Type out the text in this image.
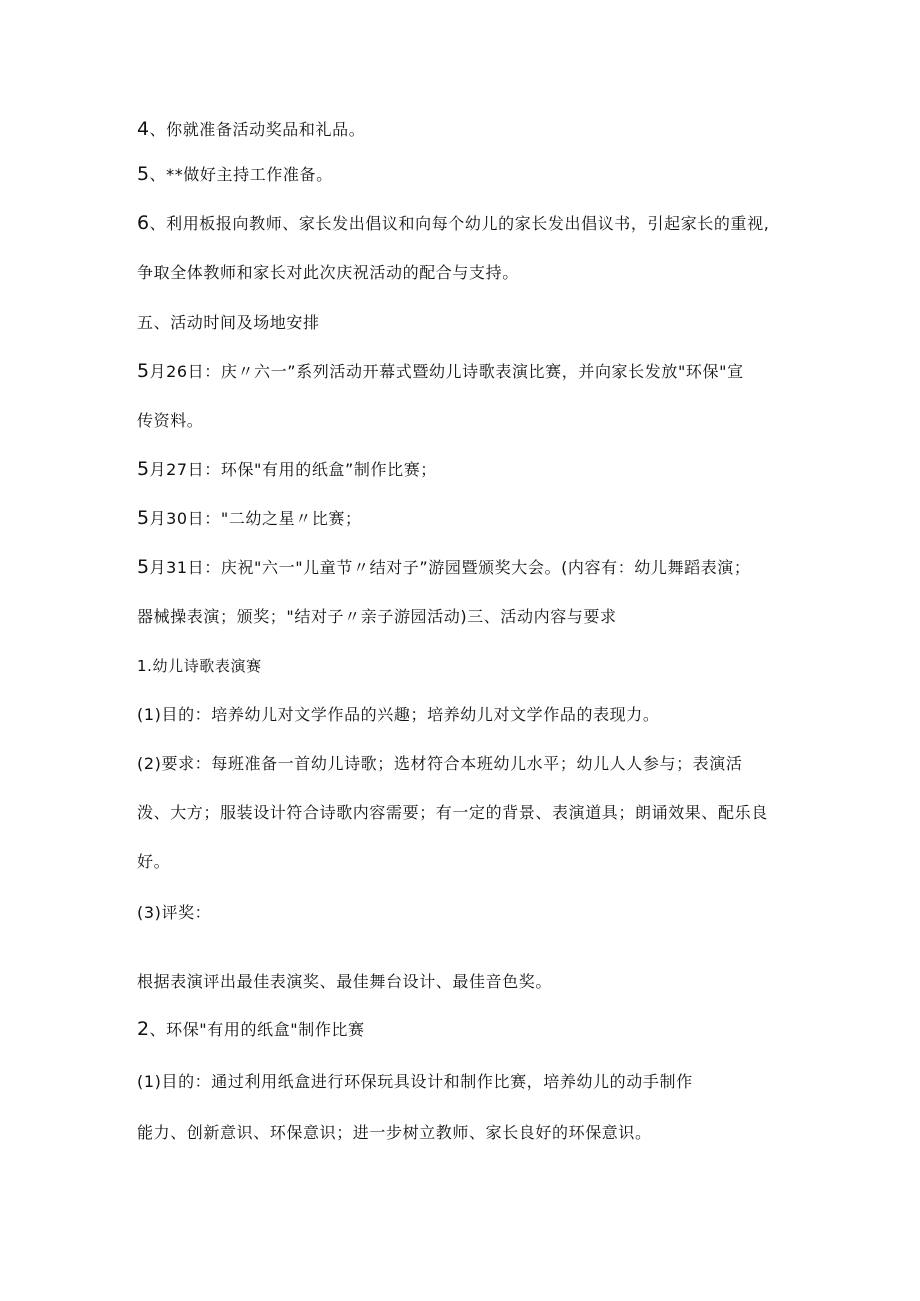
4、你就准备活动奖品和礼品。
5、**做好主持工作准备。
6、利用板报向教师、家长发出倡议和向每个幼儿的家长发出倡议书，引起家长的重视,
争取全体教师和家长对此次庆祝活动的配合与支持。
五、活动时间及场地安排
5月26日：庆〃六一”系列活动开幕式暨幼儿诗歌表演比赛，并向家长发放"环保"宣
传资料。
5月27日：环保"有用的纸盒”制作比赛；
5月30日："二幼之星〃比赛；
5月31日：庆祝"六一"儿童节〃结对子”游园暨颁奖大会。(内容有：幼儿舞蹈表演；
器械操表演；颁奖；"结对子〃亲子游园活动)三、活动内容与要求
1.幼儿诗歌表演赛
(1)目的：培养幼儿对文学作品的兴趣；培养幼儿对文学作品的表现力。
(2)要求：每班准备一首幼儿诗歌；选材符合本班幼儿水平；幼儿人人参与；表演活
泼、大方；服装设计符合诗歌内容需要；有一定的背景、表演道具；朗诵效果、配乐良
好。
(3)评奖：
根据表演评出最佳表演奖、最佳舞台设计、最佳音色奖。
2、环保"有用的纸盒"制作比赛
(1)目的：通过利用纸盒进行环保玩具设计和制作比赛，培养幼儿的动手制作
能力、创新意识、环保意识；进一步树立教师、家长良好的环保意识。
